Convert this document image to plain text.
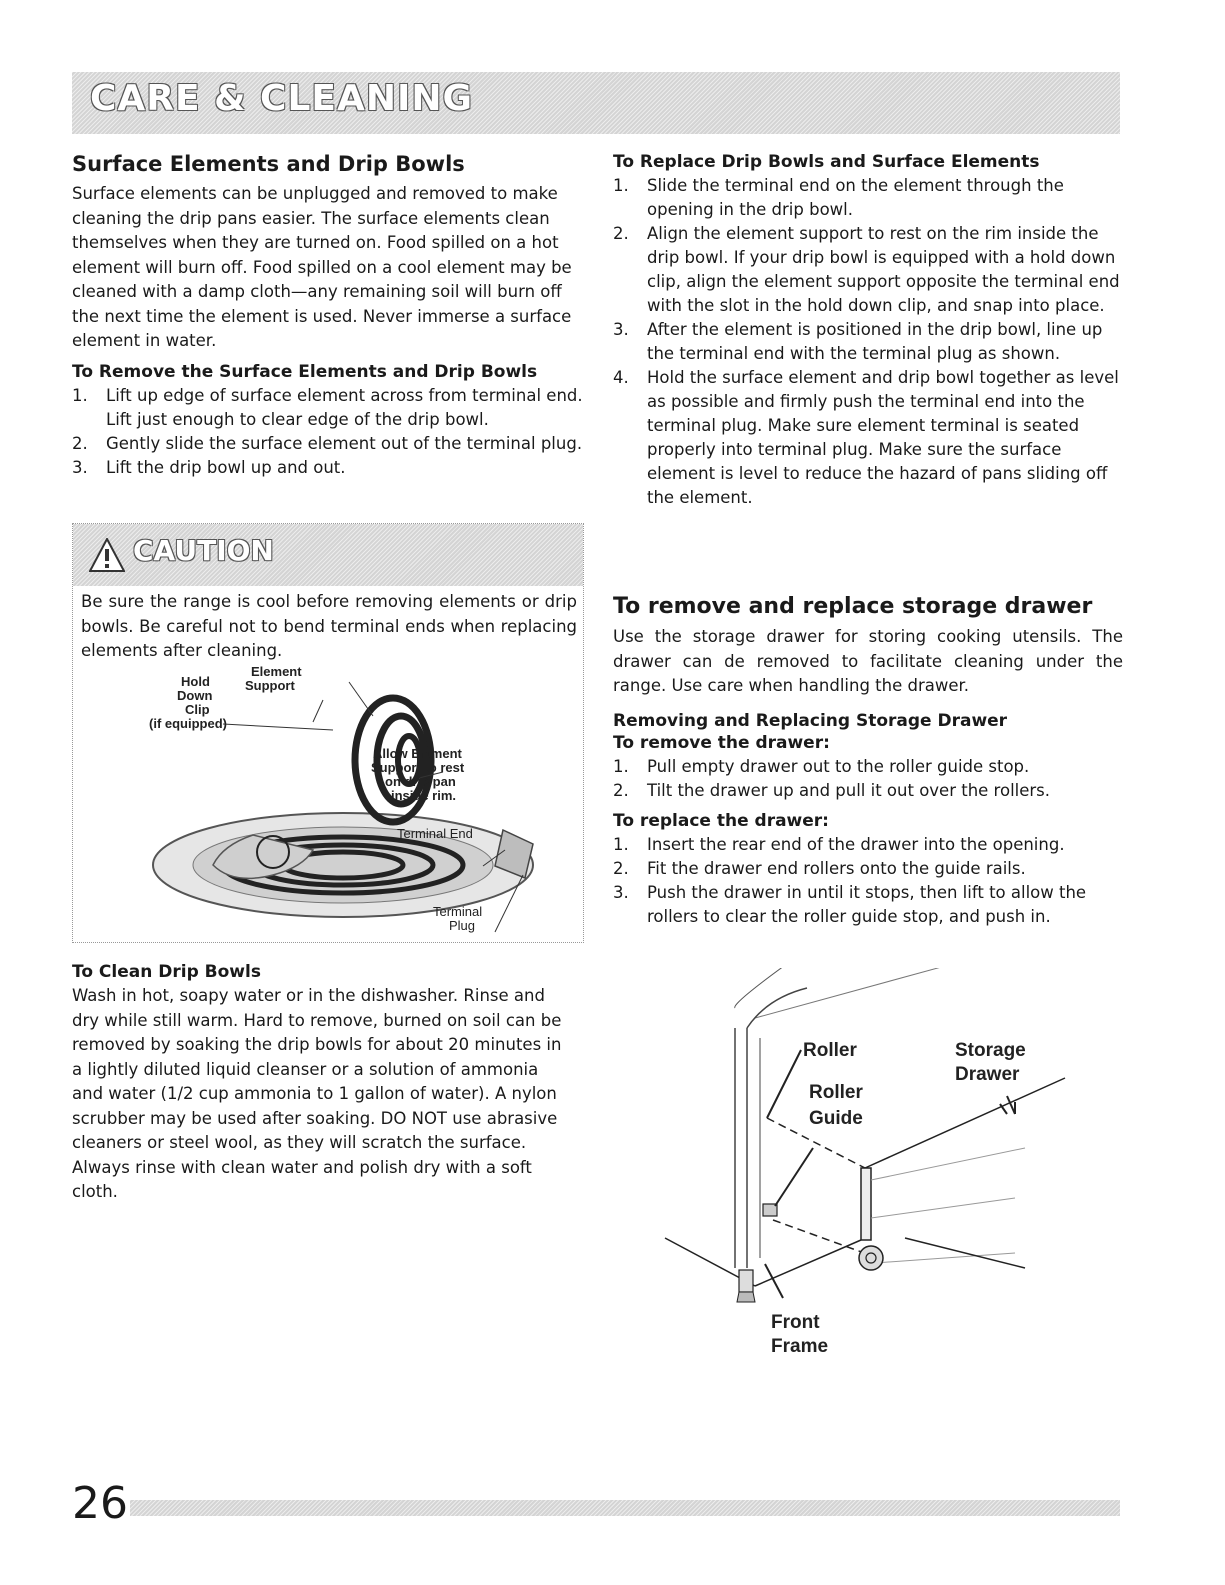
CARE & CLEANING
Surface Elements and Drip Bowls

Surface elements can be unplugged and removed to make cleaning the drip pans easier. The surface elements clean themselves when they are turned on. Food spilled on a hot element will burn off. Food spilled on a cool element may be cleaned with a damp cloth—any remaining soil will burn off the next time the element is used. Never immerse a surface element in water.

To Remove the Surface Elements and Drip Bowls
1. Lift up edge of surface element across from terminal end. Lift just enough to clear edge of the drip bowl.
2. Gently slide the surface element out of the terminal plug.
3. Lift the drip bowl up and out.
CAUTION
Be sure the range is cool before removing elements or drip bowls. Be careful not to bend terminal ends when replacing elements after cleaning.
Hold
Down
Clip
(if equipped)
Element
Support
Allow Element
Support to rest
on drip pan
inside rim.
Terminal End
Terminal
Plug
To Clean Drip Bowls

Wash in hot, soapy water or in the dishwasher. Rinse and dry while still warm. Hard to remove, burned on soil can be removed by soaking the drip bowls for about 20 minutes in a lightly diluted liquid cleanser or a solution of ammonia and water (1/2 cup ammonia to 1 gallon of water). A nylon scrubber may be used after soaking. DO NOT use abrasive cleaners or steel wool, as they will scratch the surface. Always rinse with clean water and polish dry with a soft cloth.

To Replace Drip Bowls and Surface Elements
1. Slide the terminal end on the element through the opening in the drip bowl.
2. Align the element support to rest on the rim inside the drip bowl. If your drip bowl is equipped with a hold down clip, align the element support opposite the terminal end with the slot in the hold down clip, and snap into place.
3. After the element is positioned in the drip bowl, line up the terminal end with the terminal plug as shown.
4. Hold the surface element and drip bowl together as level as possible and firmly push the terminal end into the terminal plug. Make sure element terminal is seated properly into terminal plug. Make sure the surface element is level to reduce the hazard of pans sliding off the element.
To remove and replace storage drawer

Use the storage drawer for storing cooking utensils. The drawer can de removed to facilitate cleaning under the range. Use care when handling the drawer.

Removing and Replacing Storage Drawer
To remove the drawer:
1. Pull empty drawer out to the roller guide stop.
2. Tilt the drawer up and pull it out over the rollers.
To replace the drawer:
1. Insert the rear end of the drawer into the opening.
2. Fit the drawer end rollers onto the guide rails.
3. Push the drawer in until it stops, then lift to allow the rollers to clear the roller guide stop, and push in.
Roller
Roller
Guide
Storage
Drawer
Front
Frame
26
